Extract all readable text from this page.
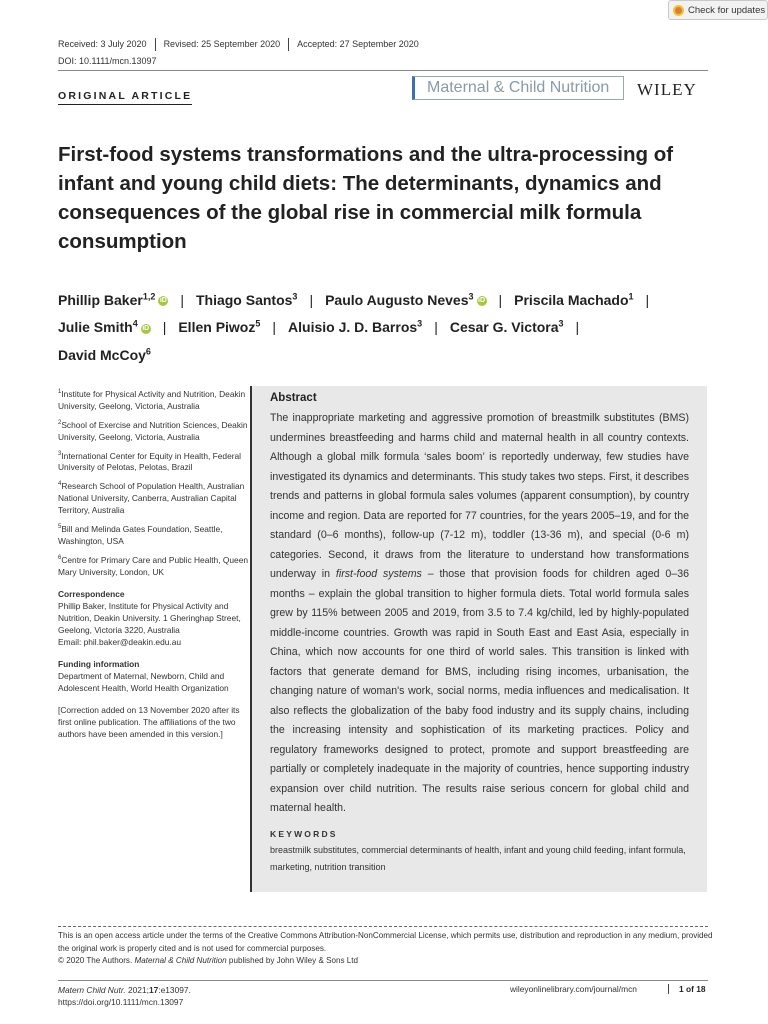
Check for updates
Received: 3 July 2020	Revised: 25 September 2020	Accepted: 27 September 2020
DOI: 10.1111/mcn.13097
ORIGINAL ARTICLE	Maternal & Child Nutrition	WILEY
First-food systems transformations and the ultra-processing of infant and young child diets: The determinants, dynamics and consequences of the global rise in commercial milk formula consumption
Phillip Baker$^{1,2}$ iD | Thiago Santos$^3$ | Paulo Augusto Neves$^3$ iD | Priscila Machado$^1$ |
Julie Smith$^4$ iD | Ellen Piwoz$^5$ | Aluisio J. D. Barros$^3$ | Cesar G. Victora$^3$ |
David McCoy$^6$
$^1$Institute for Physical Activity and Nutrition, Deakin University, Geelong, Victoria, Australia
$^2$School of Exercise and Nutrition Sciences, Deakin University, Geelong, Victoria, Australia
$^3$International Center for Equity in Health, Federal University of Pelotas, Pelotas, Brazil
$^4$Research School of Population Health, Australian National University, Canberra, Australian Capital Territory, Australia
$^5$Bill and Melinda Gates Foundation, Seattle, Washington, USA
$^6$Centre for Primary Care and Public Health, Queen Mary University, London, UK
Correspondence
Phillip Baker, Institute for Physical Activity and Nutrition, Deakin University. 1 Gheringhap Street, Geelong, Victoria 3220, Australia
Email: phil.baker@deakin.edu.au
Funding information
Department of Maternal, Newborn, Child and Adolescent Health, World Health Organization
[Correction added on 13 November 2020 after its first online publication. The affiliations of the two authors have been amended in this version.]
Abstract
The inappropriate marketing and aggressive promotion of breastmilk substitutes (BMS) undermines breastfeeding and harms child and maternal health in all country contexts. Although a global milk formula ‘sales boom’ is reportedly underway, few studies have investigated its dynamics and determinants. This study takes two steps. First, it describes trends and patterns in global formula sales volumes (apparent consumption), by country income and region. Data are reported for 77 countries, for the years 2005–19, and for the standard (0–6 months), follow-up (7-12 m), toddler (13-36 m), and special (0-6 m) categories. Second, it draws from the literature to understand how transformations underway in first-food systems – those that provision foods for children aged 0–36 months – explain the global transition to higher formula diets. Total world formula sales grew by 115% between 2005 and 2019, from 3.5 to 7.4 kg/child, led by highly-populated middle-income countries. Growth was rapid in South East and East Asia, especially in China, which now accounts for one third of world sales. This transition is linked with factors that generate demand for BMS, including rising incomes, urbanisation, the changing nature of woman's work, social norms, media influences and medicalisation. It also reflects the globalization of the baby food industry and its supply chains, including the increasing intensity and sophistication of its marketing practices. Policy and regulatory frameworks designed to protect, promote and support breastfeeding are partially or completely inadequate in the majority of countries, hence supporting industry expansion over child nutrition. The results raise serious concern for global child and maternal health.
KEYWORDS
breastmilk substitutes, commercial determinants of health, infant and young child feeding, infant formula, marketing, nutrition transition
This is an open access article under the terms of the Creative Commons Attribution-NonCommercial License, which permits use, distribution and reproduction in any medium, provided the original work is properly cited and is not used for commercial purposes.
© 2020 The Authors. Maternal & Child Nutrition published by John Wiley & Sons Ltd
Matern Child Nutr. 2021;17:e13097.
https://doi.org/10.1111/mcn.13097
wileyonlinelibrary.com/journal/mcn	1 of 18
